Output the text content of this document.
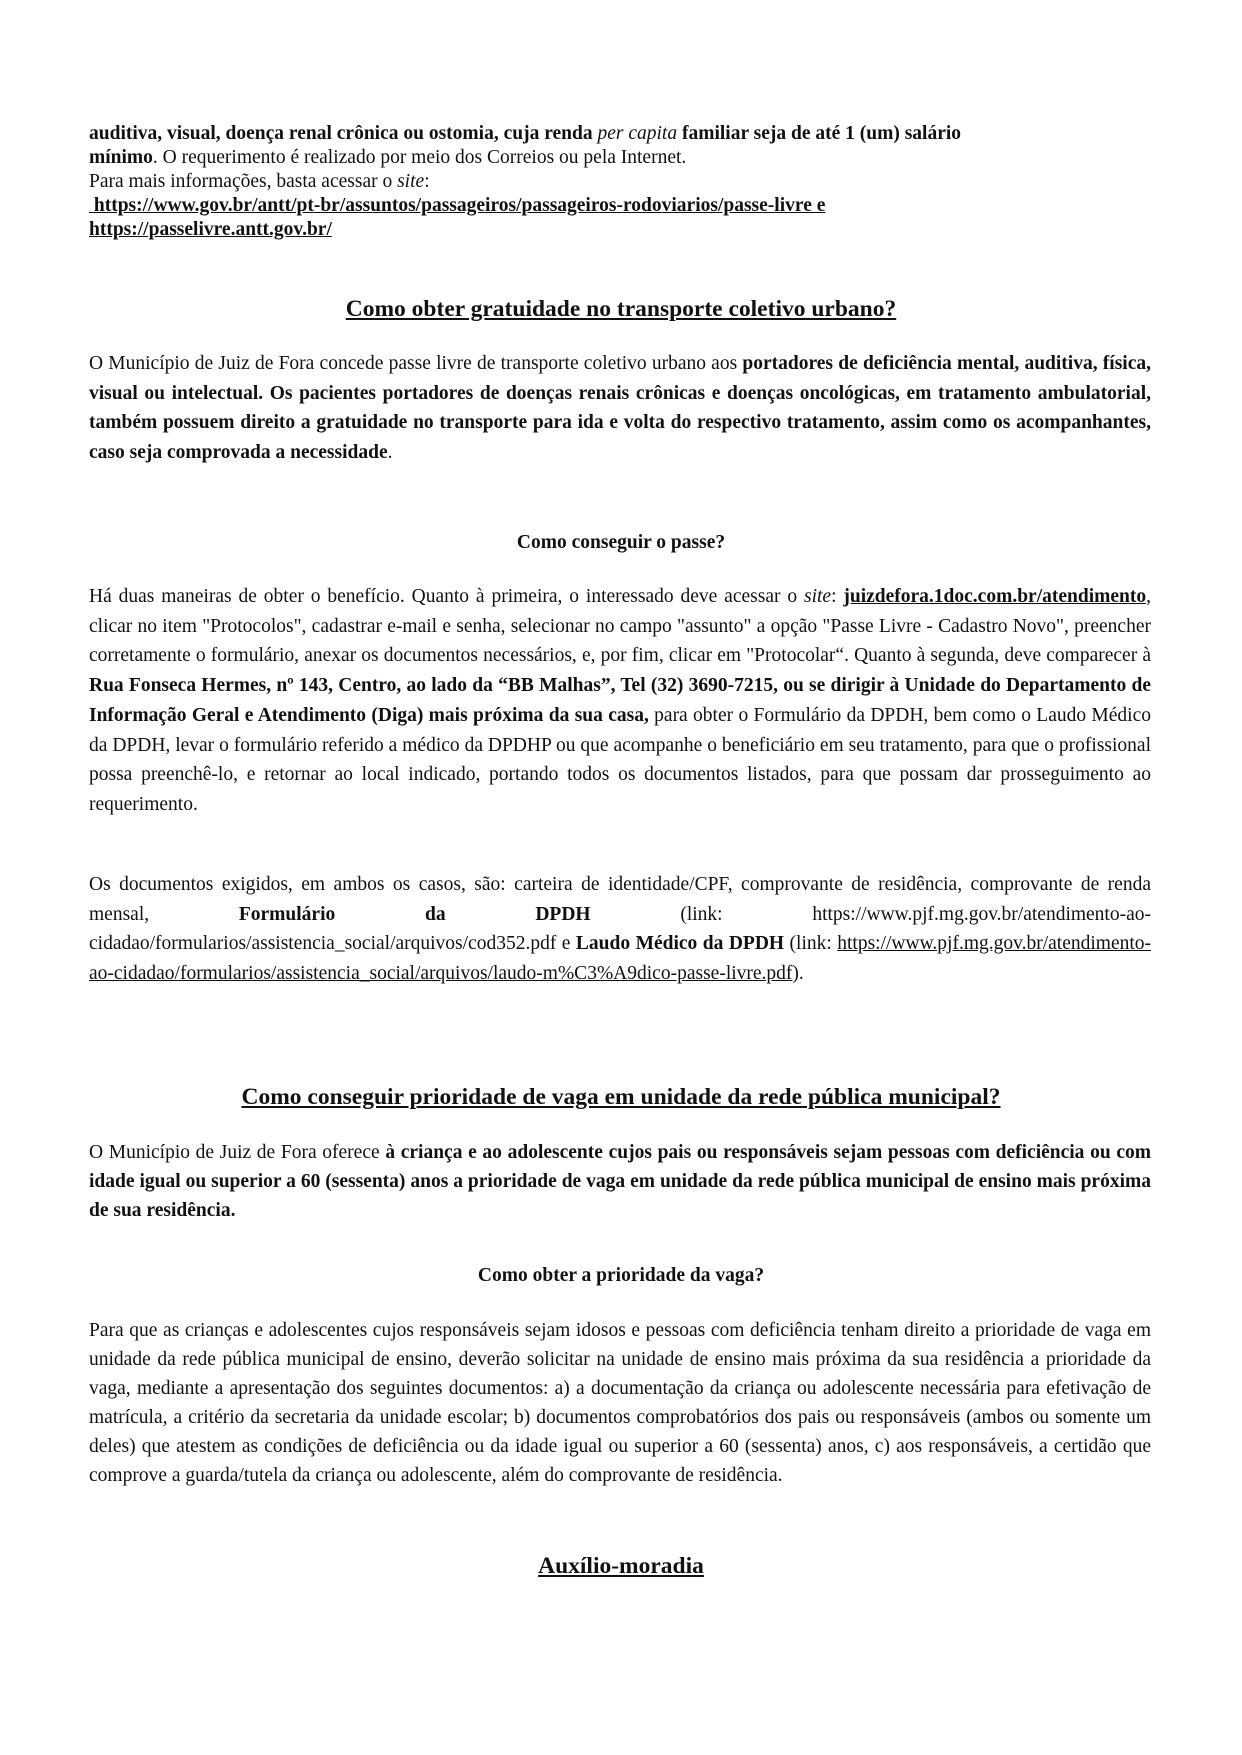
auditiva, visual, doença renal crônica ou ostomia, cuja renda per capita familiar seja de até 1 (um) salário
mínimo. O requerimento é realizado por meio dos Correios ou pela Internet.
Para mais informações, basta acessar o site:
https://www.gov.br/antt/pt-br/assuntos/passageiros/passageiros-rodoviarios/passe-livre e
https://passelivre.antt.gov.br/

Como obter gratuidade no transporte coletivo urbano?

O Município de Juiz de Fora concede passe livre de transporte coletivo urbano aos portadores de deficiência mental, auditiva, física, visual ou intelectual. Os pacientes portadores de doenças renais crônicas e doenças oncológicas, em tratamento ambulatorial, também possuem direito a gratuidade no transporte para ida e volta do respectivo tratamento, assim como os acompanhantes, caso seja comprovada a necessidade.

Como conseguir o passe?

Há duas maneiras de obter o benefício. Quanto à primeira, o interessado deve acessar o site: juizdefora.1doc.com.br/atendimento, clicar no item "Protocolos", cadastrar e-mail e senha, selecionar no campo "assunto" a opção "Passe Livre - Cadastro Novo", preencher corretamente o formulário, anexar os documentos necessários, e, por fim, clicar em "Protocolar“. Quanto à segunda, deve comparecer à Rua Fonseca Hermes, nº 143, Centro, ao lado da “BB Malhas”, Tel (32) 3690-7215, ou se dirigir à Unidade do Departamento de Informação Geral e Atendimento (Diga) mais próxima da sua casa, para obter o Formulário da DPDH, bem como o Laudo Médico da DPDH, levar o formulário referido a médico da DPDHP ou que acompanhe o beneficiário em seu tratamento, para que o profissional possa preenchê-lo, e retornar ao local indicado, portando todos os documentos listados, para que possam dar prosseguimento ao requerimento.

Os documentos exigidos, em ambos os casos, são: carteira de identidade/CPF, comprovante de residência, comprovante de renda mensal, Formulário da DPDH (link: https://www.pjf.mg.gov.br/atendimento-ao-cidadao/formularios/assistencia_social/arquivos/cod352.pdf e Laudo Médico da DPDH (link: https://www.pjf.mg.gov.br/atendimento-ao-cidadao/formularios/assistencia_social/arquivos/laudo-m%C3%A9dico-passe-livre.pdf).

Como conseguir prioridade de vaga em unidade da rede pública municipal?

O Município de Juiz de Fora oferece à criança e ao adolescente cujos pais ou responsáveis sejam pessoas com deficiência ou com idade igual ou superior a 60 (sessenta) anos a prioridade de vaga em unidade da rede pública municipal de ensino mais próxima de sua residência.

Como obter a prioridade da vaga?

Para que as crianças e adolescentes cujos responsáveis sejam idosos e pessoas com deficiência tenham direito a prioridade de vaga em unidade da rede pública municipal de ensino, deverão solicitar na unidade de ensino mais próxima da sua residência a prioridade da vaga, mediante a apresentação dos seguintes documentos: a) a documentação da criança ou adolescente necessária para efetivação de matrícula, a critério da secretaria da unidade escolar; b) documentos comprobatórios dos pais ou responsáveis (ambos ou somente um deles) que atestem as condições de deficiência ou da idade igual ou superior a 60 (sessenta) anos, c) aos responsáveis, a certidão que comprove a guarda/tutela da criança ou adolescente, além do comprovante de residência.

Auxílio-moradia
